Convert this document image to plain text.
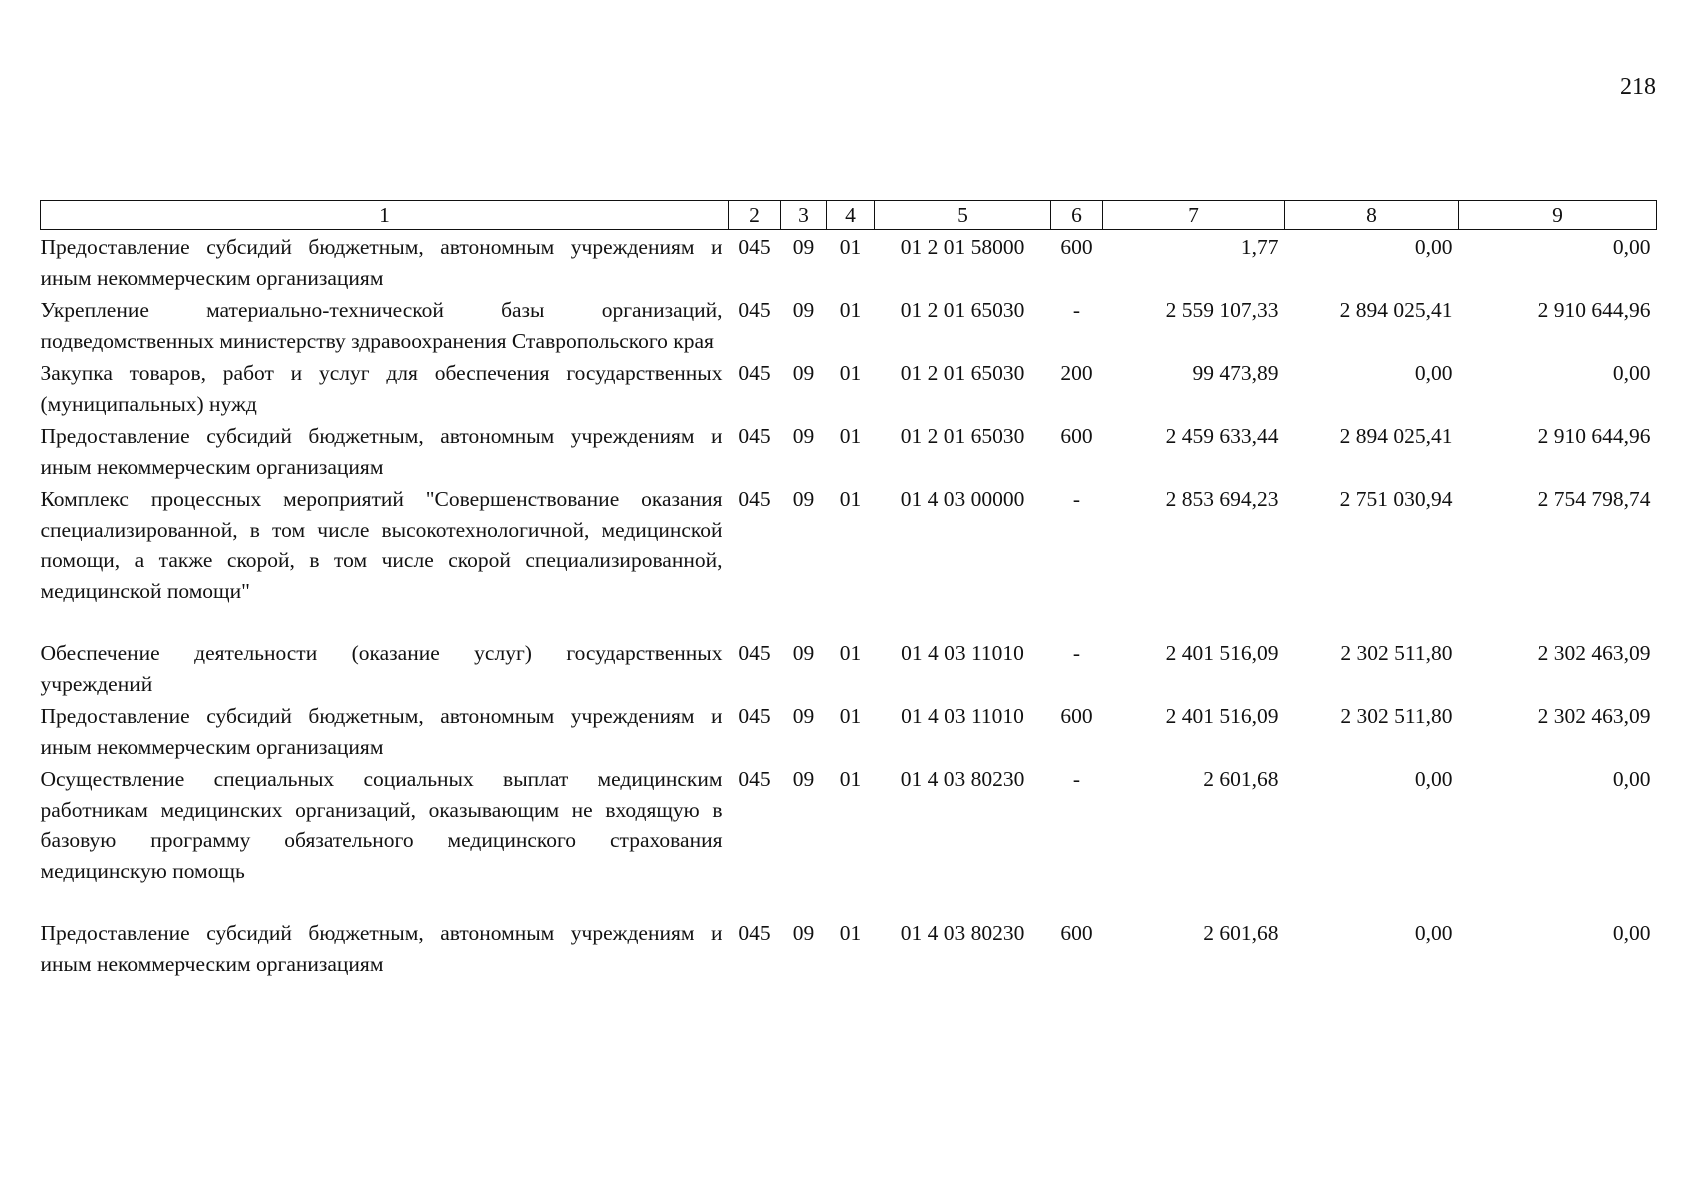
218
1	2	3	4	5	6	7	8	9
Предоставление субсидий бюджетным, автономным учреждениям и иным некоммерческим организациям	045	09	01	01 2 01 58000	600	1,77	0,00	0,00
Укрепление материально-технической базы организаций, подведомственных министерству здравоохранения Ставропольского края	045	09	01	01 2 01 65030	-	2 559 107,33	2 894 025,41	2 910 644,96
Закупка товаров, работ и услуг для обеспечения государственных (муниципальных) нужд	045	09	01	01 2 01 65030	200	99 473,89	0,00	0,00
Предоставление субсидий бюджетным, автономным учреждениям и иным некоммерческим организациям	045	09	01	01 2 01 65030	600	2 459 633,44	2 894 025,41	2 910 644,96
Комплекс процессных мероприятий "Совершенствование оказания специализированной, в том числе высокотехнологичной, медицинской помощи, а также скорой, в том числе скорой специализированной, медицинской помощи"	045	09	01	01 4 03 00000	-	2 853 694,23	2 751 030,94	2 754 798,74

Обеспечение деятельности (оказание услуг) государственных учреждений	045	09	01	01 4 03 11010	-	2 401 516,09	2 302 511,80	2 302 463,09
Предоставление субсидий бюджетным, автономным учреждениям и иным некоммерческим организациям	045	09	01	01 4 03 11010	600	2 401 516,09	2 302 511,80	2 302 463,09
Осуществление специальных социальных выплат медицинским работникам медицинских организаций, оказывающим не входящую в базовую программу обязательного медицинского страхования медицинскую помощь	045	09	01	01 4 03 80230	-	2 601,68	0,00	0,00

Предоставление субсидий бюджетным, автономным учреждениям и иным некоммерческим организациям	045	09	01	01 4 03 80230	600	2 601,68	0,00	0,00
